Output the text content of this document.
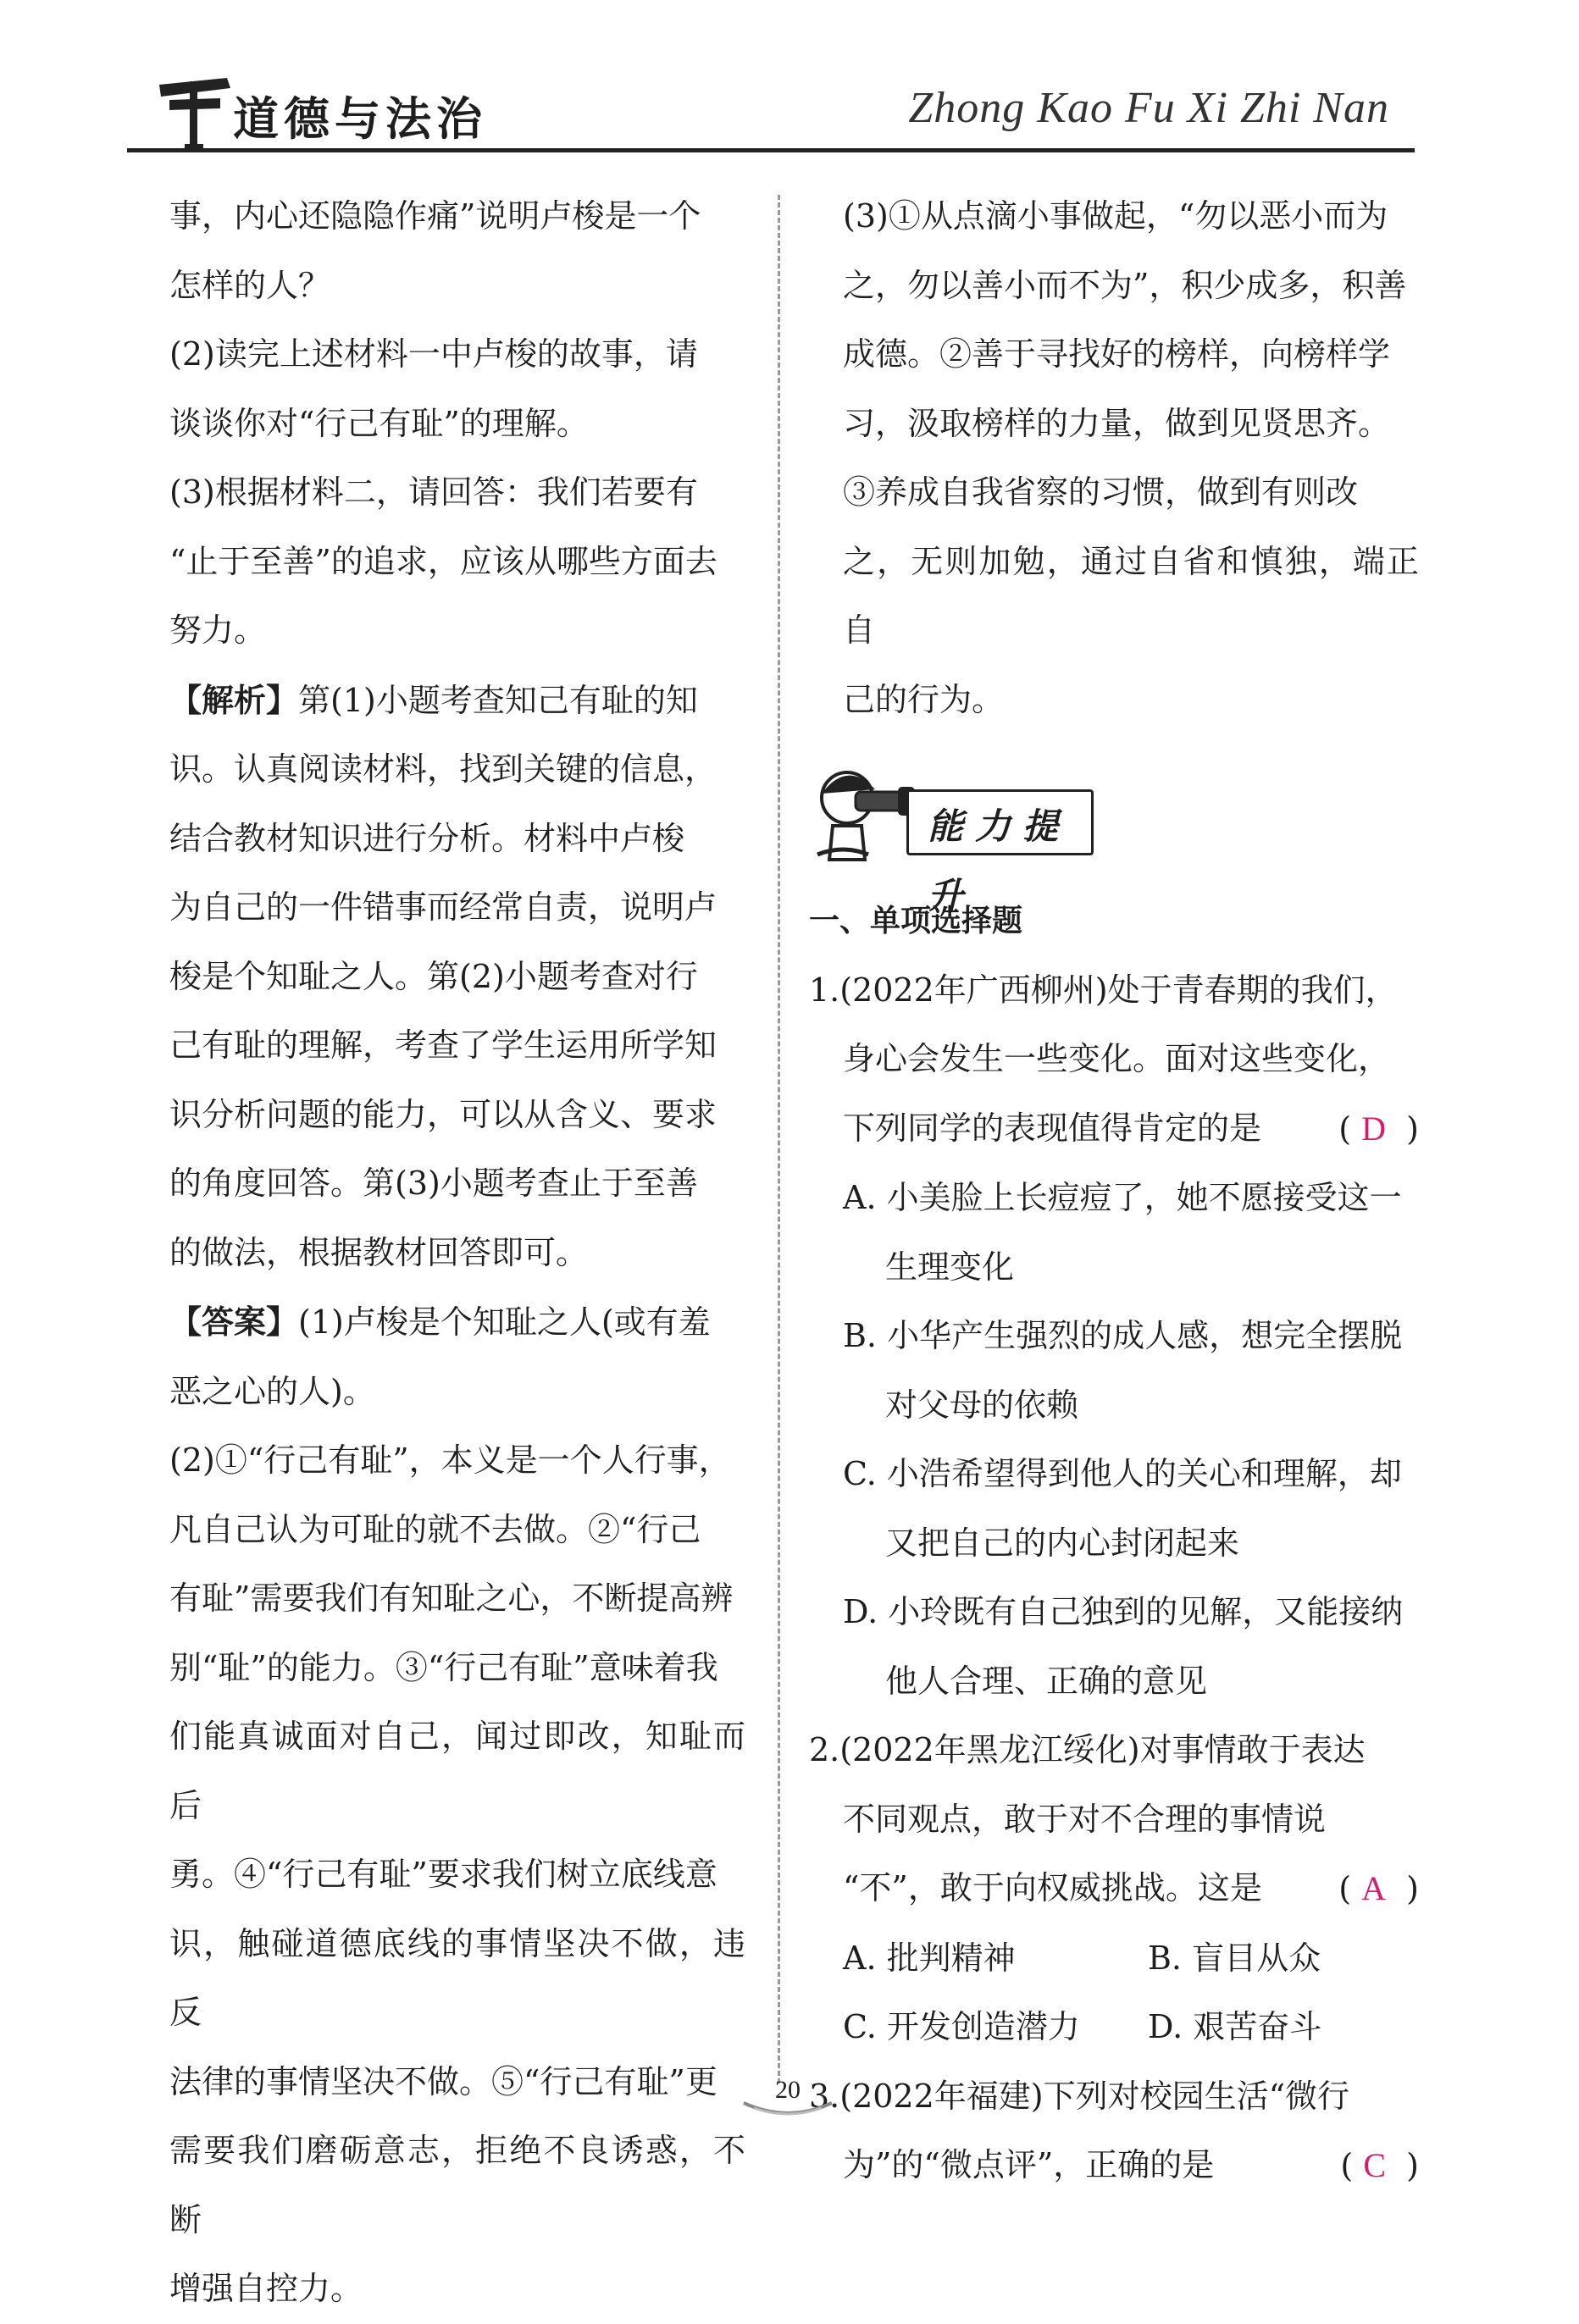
道德与法治	Zhong Kao Fu Xi Zhi Nan

事，内心还隐隐作痛”说明卢梭是一个

怎样的人？

(2)读完上述材料一中卢梭的故事，请

谈谈你对“行己有耻”的理解。

(3)根据材料二，请回答：我们若要有

“止于至善”的追求，应该从哪些方面去

努力。

【解析】第(1)小题考查知己有耻的知

识。认真阅读材料，找到关键的信息，

结合教材知识进行分析。材料中卢梭

为自己的一件错事而经常自责，说明卢

梭是个知耻之人。第(2)小题考查对行

己有耻的理解，考查了学生运用所学知

识分析问题的能力，可以从含义、要求

的角度回答。第(3)小题考查止于至善

的做法，根据教材回答即可。

【答案】(1)卢梭是个知耻之人(或有羞

恶之心的人)。

(2)①“行己有耻”，本义是一个人行事，

凡自己认为可耻的就不去做。②“行己

有耻”需要我们有知耻之心，不断提高辨

别“耻”的能力。③“行己有耻”意味着我

们能真诚面对自己，闻过即改，知耻而后

勇。④“行己有耻”要求我们树立底线意

识，触碰道德底线的事情坚决不做，违反

法律的事情坚决不做。⑤“行己有耻”更

需要我们磨砺意志，拒绝不良诱惑，不断

增强自控力。

(3)①从点滴小事做起，“勿以恶小而为

之，勿以善小而不为”，积少成多，积善

成德。②善于寻找好的榜样，向榜样学

习，汲取榜样的力量，做到见贤思齐。

③养成自我省察的习惯，做到有则改

之，无则加勉，通过自省和慎独，端正自

己的行为。

能力提升

一、单项选择题

1.(2022年广西柳州)处于青春期的我们，

身心会发生一些变化。面对这些变化，

下列同学的表现值得肯定的是 ( D )

A. 小美脸上长痘痘了，她不愿接受这一

生理变化

B. 小华产生强烈的成人感，想完全摆脱

对父母的依赖

C. 小浩希望得到他人的关心和理解，却

又把自己的内心封闭起来

D. 小玲既有自己独到的见解，又能接纳

他人合理、正确的意见

2.(2022年黑龙江绥化)对事情敢于表达

不同观点，敢于对不合理的事情说

“不”，敢于向权威挑战。这是 ( A )

A. 批判精神	B. 盲目从众

C. 开发创造潜力	D. 艰苦奋斗

3.(2022年福建)下列对校园生活“微行

为”的“微点评”，正确的是	( C )

20
